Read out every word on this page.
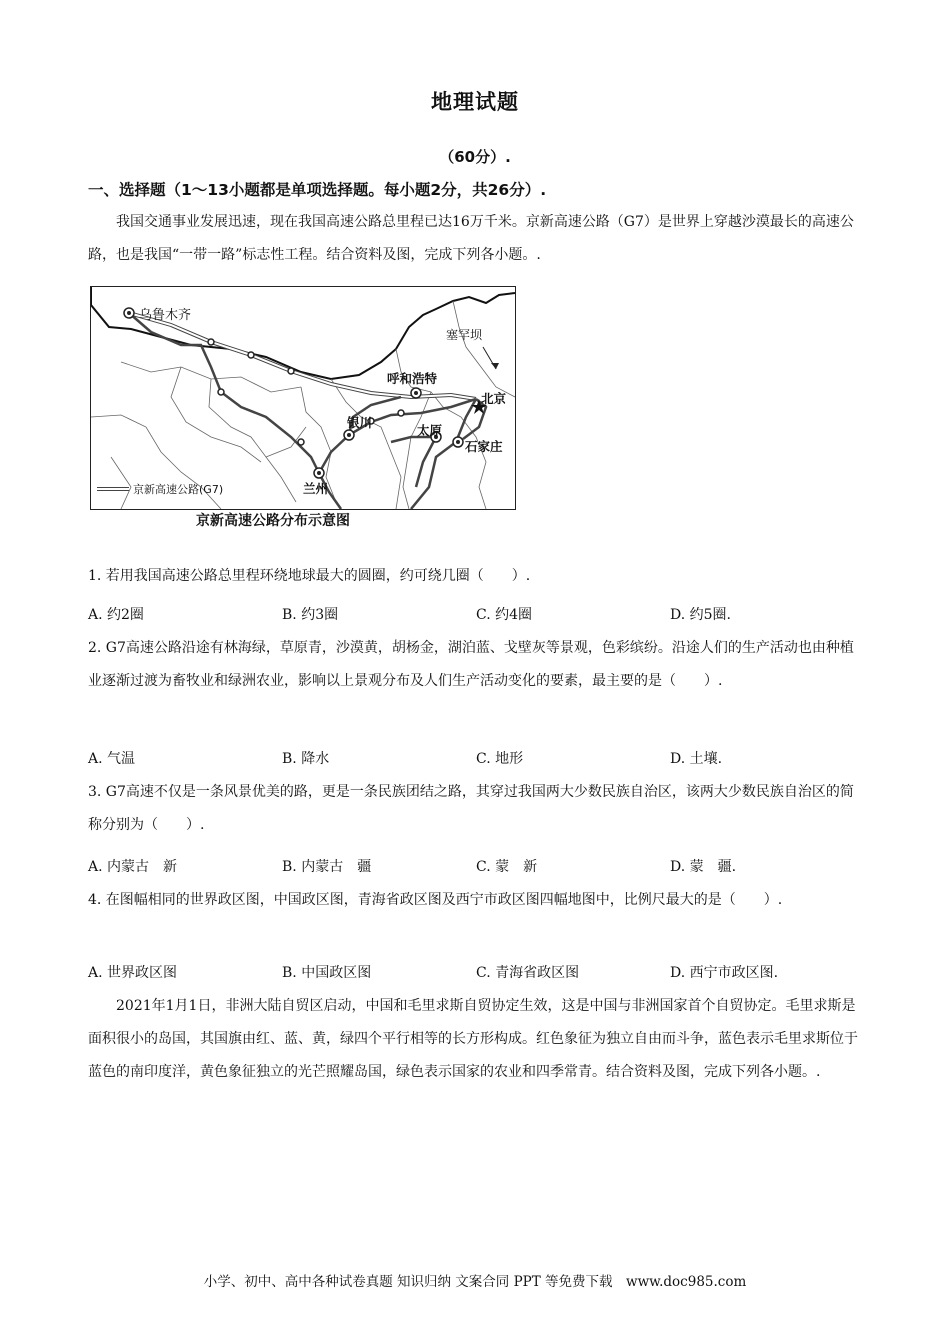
地理试题
（60分）.
一、选择题（1～13小题都是单项选择题。每小题2分，共26分）.
我国交通事业发展迅速，现在我国高速公路总里程已达16万千米。京新高速公路（G7）是世界上穿越沙漠最长的高速公路，也是我国“一带一路”标志性工程。结合资料及图，完成下列各小题。.
乌鲁木齐
塞罕坝
呼和浩特
北京
银川
太原
石家庄
兰州
京新高速公路(G7)
京新高速公路分布示意图
1. 若用我国高速公路总里程环绕地球最大的圆圈，约可绕几圈（　　）.
A. 约2圈	B. 约3圈	C. 约4圈	D. 约5圈.
2. G7高速公路沿途有林海绿，草原青，沙漠黄，胡杨金，湖泊蓝、戈壁灰等景观，色彩缤纷。沿途人们的生产活动也由种植业逐渐过渡为畜牧业和绿洲农业，影响以上景观分布及人们生产活动变化的要素，最主要的是（　　）.
A. 气温	B. 降水	C. 地形	D. 土壤.
3. G7高速不仅是一条风景优美的路，更是一条民族团结之路，其穿过我国两大少数民族自治区，该两大少数民族自治区的简称分别为（　　）.
A. 内蒙古　新	B. 内蒙古　疆	C. 蒙　新	D. 蒙　疆.
4. 在图幅相同的世界政区图，中国政区图，青海省政区图及西宁市政区图四幅地图中，比例尺最大的是（　　）.
A. 世界政区图	B. 中国政区图	C. 青海省政区图	D. 西宁市政区图.
2021年1月1日，非洲大陆自贸区启动，中国和毛里求斯自贸协定生效，这是中国与非洲国家首个自贸协定。毛里求斯是面积很小的岛国，其国旗由红、蓝、黄，绿四个平行相等的长方形构成。红色象征为独立自由而斗争，蓝色表示毛里求斯位于蓝色的南印度洋，黄色象征独立的光芒照耀岛国，绿色表示国家的农业和四季常青。结合资料及图，完成下列各小题。.
小学、初中、高中各种试卷真题 知识归纳 文案合同 PPT 等免费下载　www.doc985.com
